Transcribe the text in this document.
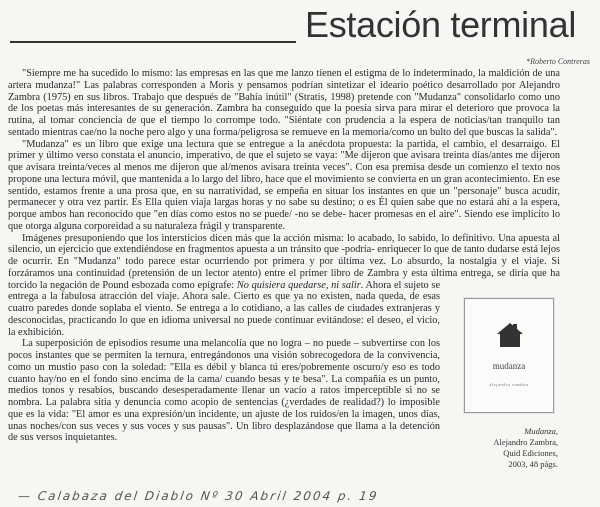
Estación terminal
*Roberto Contreras
mudanza
alejandro zambra
Mudanza,
Alejandro Zambra,
Quid Ediciones,
2003, 48 págs.

"Siempre me ha sucedido lo mismo: las empresas en las que me lanzo tienen el estigma de lo indeterminado, la maldición de una artera mudanza!" Las palabras corresponden a Moris y pensamos podrían sintetizar el ideario poético desarrollado por Alejandro Zambra (1975) en sus libros. Trabajo que después de "Bahía inútil" (Stratis, 1998) pretende con "Mudanza" consolidarlo como uno de los poetas más interesantes de su generación. Zambra ha conseguido que la poesía sirva para mirar el deterioro que provoca la rutina, al tomar conciencia de que el tiempo lo corrompe todo. "Siéntate con prudencia a la espera de noticias/tan tranquilo tan sentado mientras cae/no la noche pero algo y una forma/peligrosa se remueve en la memoria/como un bulto del que buscas la salida".

"Mudanza" es un libro que exige una lectura que se entregue a la anécdota propuesta: la partida, el cambio, el desarraigo. El primer y último verso constata el anuncio, imperativo, de que el sujeto se vaya: "Me dijeron que avisara treinta días/antes me dijeron que avisara treinta/veces al menos me dijeron que al/menos avisara treinta veces". Con esa premisa desde un comienzo el texto nos propone una lectura móvil, que mantenida a lo largo del libro, hace que el movimiento se convierta en un gran acontecimiento. En ese sentido, estamos frente a una prosa que, en su narratividad, se empeña en situar los instantes en que un "personaje" busca acudir, permanecer y otra vez partir. Es Ella quien viaja largas horas y no sabe su destino; o es Él quien sabe que no estará ahí a la espera, porque ambos han reconocido que "en días como estos no se puede/ -no se debe- hacer promesas en el aire". Siendo ese implícito lo que otorga alguna corporeidad a su naturaleza frágil y transparente.

Imágenes presuponiendo que los intersticios dicen más que la acción misma: lo acabado, lo sabido, lo definitivo. Una apuesta al silencio, un ejercicio que extendiéndose en fragmentos apuesta a un tránsito que -podría- enriquecer lo que de tanto dudarse está lejos de ocurrir. En "Mudanza" todo parece estar ocurriendo por primera y por última vez. Lo absurdo, la nostalgia y el viaje. Si forzáramos una continuidad (pretensión de un lector atento) entre el primer libro de Zambra y esta última entrega, se diría que ha torcido la negación de Pound esbozada como epígrafe: No quisiera quedarse, ni salir. Ahora el sujeto se entrega a la fabulosa atracción del viaje. Ahora sale. Cierto es que ya no existen, nada queda, de esas cuatro paredes donde soplaba el viento. Se entrega a lo cotidiano, a las calles de ciudades extranjeras y desconocidas, practicando lo que en idioma universal no puede continuar evitándose: el deseo, el vicio, la exhibición.

La superposición de episodios resume una melancolía que no logra – no puede – subvertirse con los pocos instantes que se permiten la ternura, entregándonos una visión sobrecogedora de la convivencia, como un mustio paso con la soledad: "Ella es débil y blanca tú eres/pobremente oscuro/y eso es todo cuanto hay/no en el fondo sino encima de la cama/ cuando besas y te besa". La compañía es un punto, medios tonos y resabios, buscando desesperadamente llenar un vacío a ratos imperceptible si no se nombra. La palabra sitia y denuncia como acopio de sentencias (¿verdades de realidad?) lo imposible que es la vida: "El amor es una expresión/un incidente, un ajuste de los ruidos/en la imagen, unos días, unas noches/con sus veces y sus voces y sus pausas". Un libro desplazándose que llama a la detención de sus versos inquietantes.

— Calabaza del Diablo Nº 30 Abril 2004 p. 19
